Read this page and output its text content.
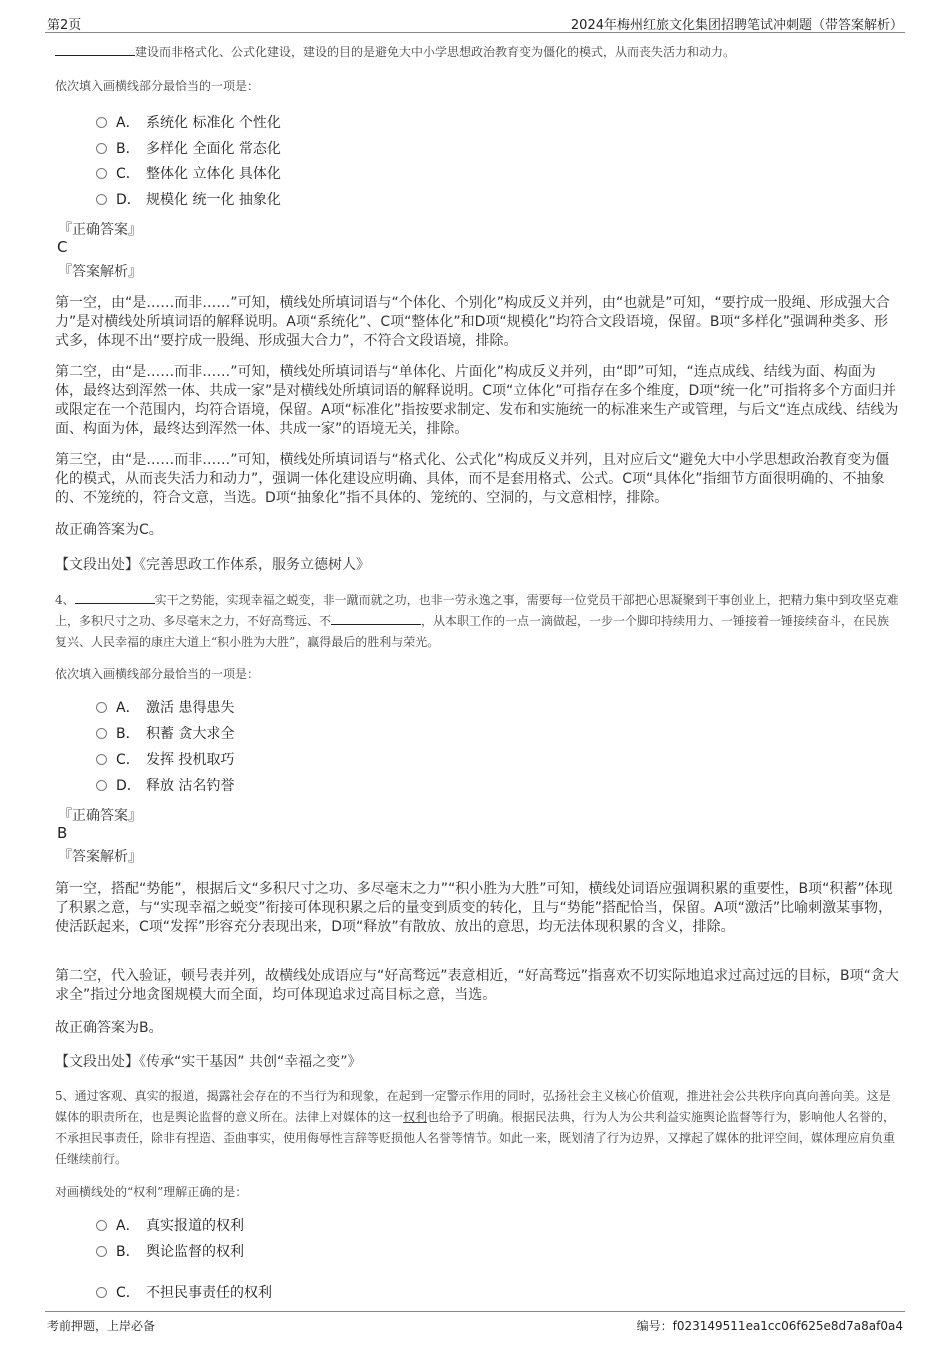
第2页	2024年梅州红旅文化集团招聘笔试冲刺题（带答案解析）
建设而非格式化、公式化建设，建设的目的是避免大中小学思想政治教育变为僵化的模式，从而丧失活力和动力。
依次填入画横线部分最恰当的一项是：
A． 系统化 标准化 个性化
B． 多样化 全面化 常态化
C． 整体化 立体化 具体化
D． 规模化 统一化 抽象化
『正确答案』
C
『答案解析』
第一空，由“是……而非……”可知，横线处所填词语与“个体化、个别化”构成反义并列，由“也就是”可知，“要拧成一股绳、形成强大合力”是对横线处所填词语的解释说明。A项“系统化”、C项“整体化”和D项“规模化”均符合文段语境，保留。B项“多样化”强调种类多、形式多，体现不出“要拧成一股绳、形成强大合力”，不符合文段语境，排除。
第二空，由“是……而非……”可知，横线处所填词语与“单体化、片面化”构成反义并列，由“即”可知，“连点成线、结线为面、构面为体，最终达到浑然一体、共成一家”是对横线处所填词语的解释说明。C项“立体化”可指存在多个维度，D项“统一化”可指将多个方面归并或限定在一个范围内，均符合语境，保留。A项“标准化”指按要求制定、发布和实施统一的标准来生产或管理，与后文“连点成线、结线为面、构面为体，最终达到浑然一体、共成一家”的语境无关，排除。
第三空，由“是……而非……”可知，横线处所填词语与“格式化、公式化”构成反义并列，且对应后文“避免大中小学思想政治教育变为僵化的模式，从而丧失活力和动力”，强调一体化建设应明确、具体，而不是套用格式、公式。C项“具体化”指细节方面很明确的、不抽象的、不笼统的，符合文意，当选。D项“抽象化”指不具体的、笼统的、空洞的，与文意相悖，排除。
故正确答案为C。
【文段出处】《完善思政工作体系，服务立德树人》
4、	实干之势能，实现幸福之蜕变，非一蹴而就之功，也非一劳永逸之事，需要每一位党员干部把心思凝聚到干事创业上，把精力集中到攻坚克难上，多积尺寸之功、多尽毫末之力，不好高骛远、不	，从本职工作的一点一滴做起，一步一个脚印持续用力、一锤接着一锤接续奋斗，在民族复兴、人民幸福的康庄大道上“积小胜为大胜”，赢得最后的胜利与荣光。
依次填入画横线部分最恰当的一项是：
A． 激活 患得患失
B． 积蓄 贪大求全
C． 发挥 投机取巧
D． 释放 沽名钓誉
『正确答案』
B
『答案解析』
第一空，搭配“势能”，根据后文“多积尺寸之功、多尽毫末之力”“积小胜为大胜”可知，横线处词语应强调积累的重要性，B项“积蓄”体现了积累之意，与“实现幸福之蜕变”衔接可体现积累之后的量变到质变的转化，且与“势能”搭配恰当，保留。A项“激活”比喻刺激某事物，使活跃起来，C项“发挥”形容充分表现出来，D项“释放”有散放、放出的意思，均无法体现积累的含义，排除。
第二空，代入验证，顿号表并列，故横线处成语应与“好高骛远”表意相近，“好高骛远”指喜欢不切实际地追求过高过远的目标，B项“贪大求全”指过分地贪图规模大而全面，均可体现追求过高目标之意，当选。
故正确答案为B。
【文段出处】《传承“实干基因” 共创“幸福之变”》
5、通过客观、真实的报道，揭露社会存在的不当行为和现象，在起到一定警示作用的同时，弘扬社会主义核心价值观，推进社会公共秩序向真向善向美。这是媒体的职责所在，也是舆论监督的意义所在。法律上对媒体的这一权利也给予了明确。根据民法典，行为人为公共利益实施舆论监督等行为，影响他人名誉的，不承担民事责任，除非有捏造、歪曲事实，使用侮辱性言辞等贬损他人名誉等情节。如此一来，既划清了行为边界，又撑起了媒体的批评空间，媒体理应肩负重任继续前行。
对画横线处的“权利”理解正确的是：
A． 真实报道的权利
B． 舆论监督的权利
C． 不担民事责任的权利
考前押题，上岸必备	编号：f023149511ea1cc06f625e8d7a8af0a4
